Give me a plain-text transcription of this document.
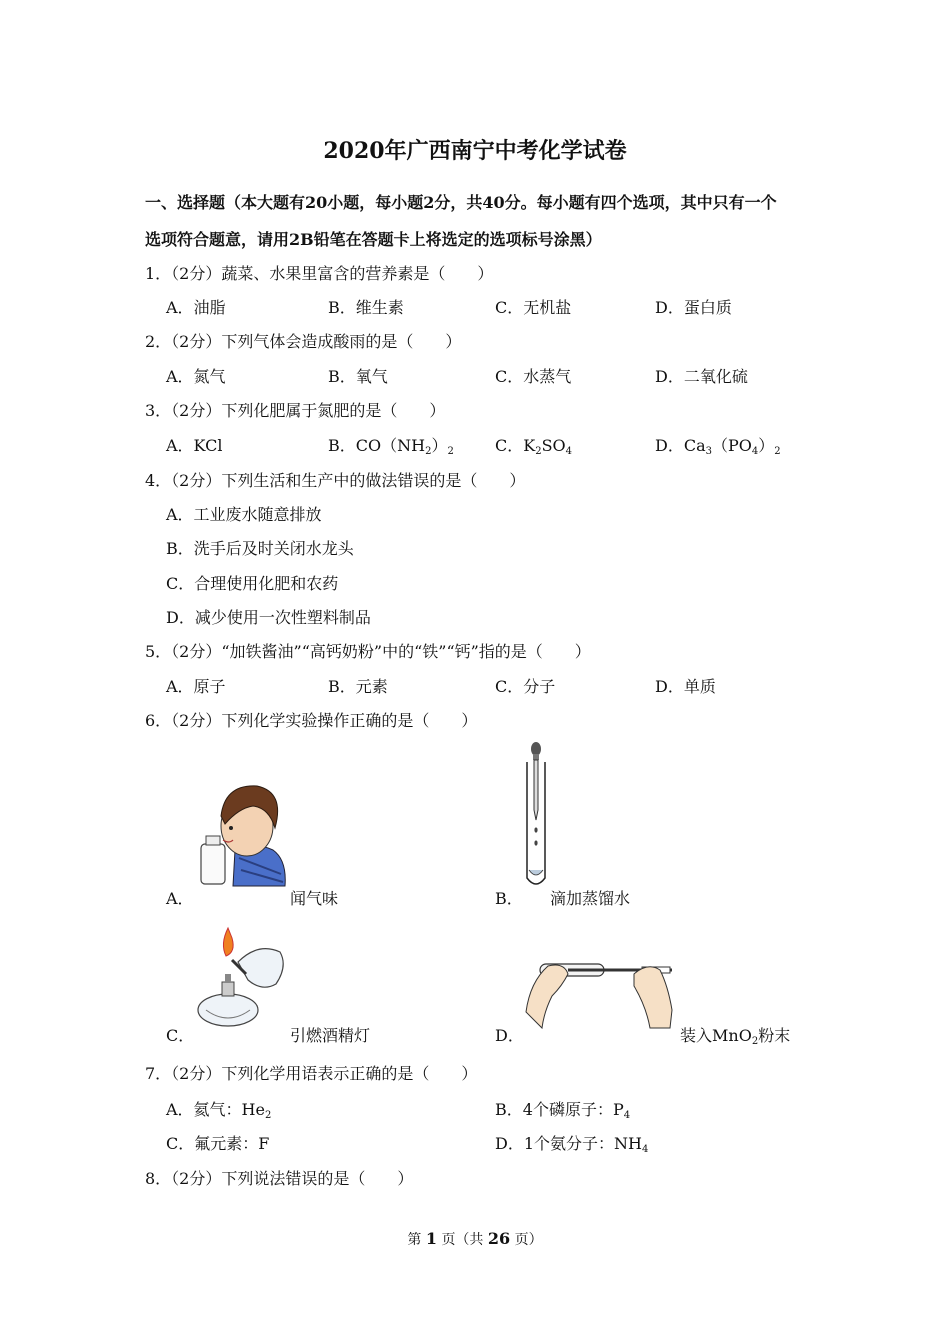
2020年广西南宁中考化学试卷
一、选择题（本大题有20小题，每小题2分，共40分。每小题有四个选项，其中只有一个
选项符合题意，请用2B铅笔在答题卡上将选定的选项标号涂黑）
1．（2分）蔬菜、水果里富含的营养素是（　　）
A．油脂	B．维生素	C．无机盐	D．蛋白质
2．（2分）下列气体会造成酸雨的是（　　）
A．氮气	B．氧气	C．水蒸气	D．二氧化硫
3．（2分）下列化肥属于氮肥的是（　　）
A．KCl	B．$CO(NH_2)_2$	C．$K_2SO_4$	D．$Ca_3(PO_4)_2$
4．（2分）下列生活和生产中的做法错误的是（　　）
A．工业废水随意排放
B．洗手后及时关闭水龙头
C．合理使用化肥和农药
D．减少使用一次性塑料制品
5．（2分）“加铁酱油”“高钙奶粉”中的“铁”“钙”指的是（　　）
A．原子	B．元素	C．分子	D．单质
6．（2分）下列化学实验操作正确的是（　　）
A．	闻气味	B． 滴加蒸馏水
C．	引燃酒精灯	D．	装入MnO$_2$粉末
7．（2分）下列化学用语表示正确的是（　　）
A．氦气：$He_2$	B．4个磷原子：$P_4$
C．氟元素：F	D．1个氨分子：$NH_4$
8．（2分）下列说法错误的是（　　）
第 1 页（共 26 页）
